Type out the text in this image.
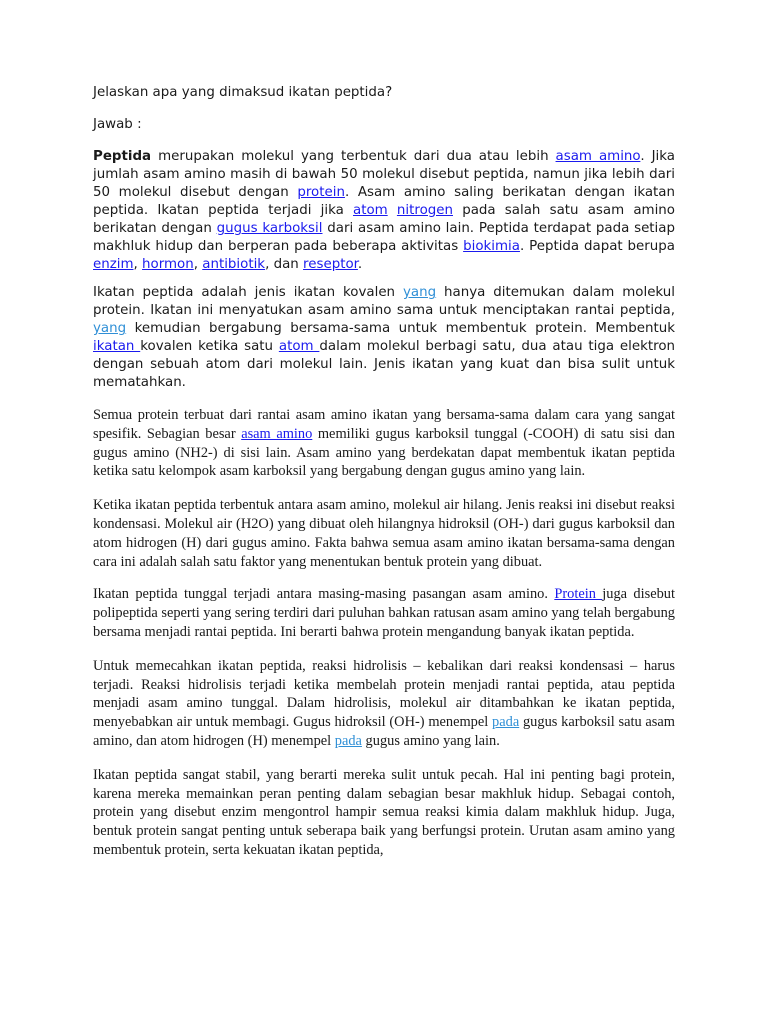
Jelaskan apa yang dimaksud ikatan peptida?

Jawab :

Peptida merupakan molekul yang terbentuk dari dua atau lebih asam amino. Jika jumlah asam amino masih di bawah 50 molekul disebut peptida, namun jika lebih dari 50 molekul disebut dengan protein. Asam amino saling berikatan dengan ikatan peptida. Ikatan peptida terjadi jika atom nitrogen pada salah satu asam amino berikatan dengan gugus karboksil dari asam amino lain. Peptida terdapat pada setiap makhluk hidup dan berperan pada beberapa aktivitas biokimia. Peptida dapat berupa enzim, hormon, antibiotik, dan reseptor.

Ikatan peptida adalah jenis ikatan kovalen yang hanya ditemukan dalam molekul protein. Ikatan ini menyatukan asam amino sama untuk menciptakan rantai peptida, yang kemudian bergabung bersama-sama untuk membentuk protein. Membentuk ikatan kovalen ketika satu atom dalam molekul berbagi satu, dua atau tiga elektron dengan sebuah atom dari molekul lain. Jenis ikatan yang kuat dan bisa sulit untuk mematahkan.

Semua protein terbuat dari rantai asam amino ikatan yang bersama-sama dalam cara yang sangat spesifik. Sebagian besar asam amino memiliki gugus karboksil tunggal (-COOH) di satu sisi dan gugus amino (NH2-) di sisi lain. Asam amino yang berdekatan dapat membentuk ikatan peptida ketika satu kelompok asam karboksil yang bergabung dengan gugus amino yang lain.

Ketika ikatan peptida terbentuk antara asam amino, molekul air hilang. Jenis reaksi ini disebut reaksi kondensasi. Molekul air (H2O) yang dibuat oleh hilangnya hidroksil (OH-) dari gugus karboksil dan atom hidrogen (H) dari gugus amino. Fakta bahwa semua asam amino ikatan bersama-sama dengan cara ini adalah salah satu faktor yang menentukan bentuk protein yang dibuat.

Ikatan peptida tunggal terjadi antara masing-masing pasangan asam amino. Protein juga disebut polipeptida seperti yang sering terdiri dari puluhan bahkan ratusan asam amino yang telah bergabung bersama menjadi rantai peptida. Ini berarti bahwa protein mengandung banyak ikatan peptida.

Untuk memecahkan ikatan peptida, reaksi hidrolisis – kebalikan dari reaksi kondensasi – harus terjadi. Reaksi hidrolisis terjadi ketika membelah protein menjadi rantai peptida, atau peptida menjadi asam amino tunggal. Dalam hidrolisis, molekul air ditambahkan ke ikatan peptida, menyebabkan air untuk membagi. Gugus hidroksil (OH-) menempel pada gugus karboksil satu asam amino, dan atom hidrogen (H) menempel pada gugus amino yang lain.

Ikatan peptida sangat stabil, yang berarti mereka sulit untuk pecah. Hal ini penting bagi protein, karena mereka memainkan peran penting dalam sebagian besar makhluk hidup. Sebagai contoh, protein yang disebut enzim mengontrol hampir semua reaksi kimia dalam makhluk hidup. Juga, bentuk protein sangat penting untuk seberapa baik yang berfungsi protein. Urutan asam amino yang membentuk protein, serta kekuatan ikatan peptida,
